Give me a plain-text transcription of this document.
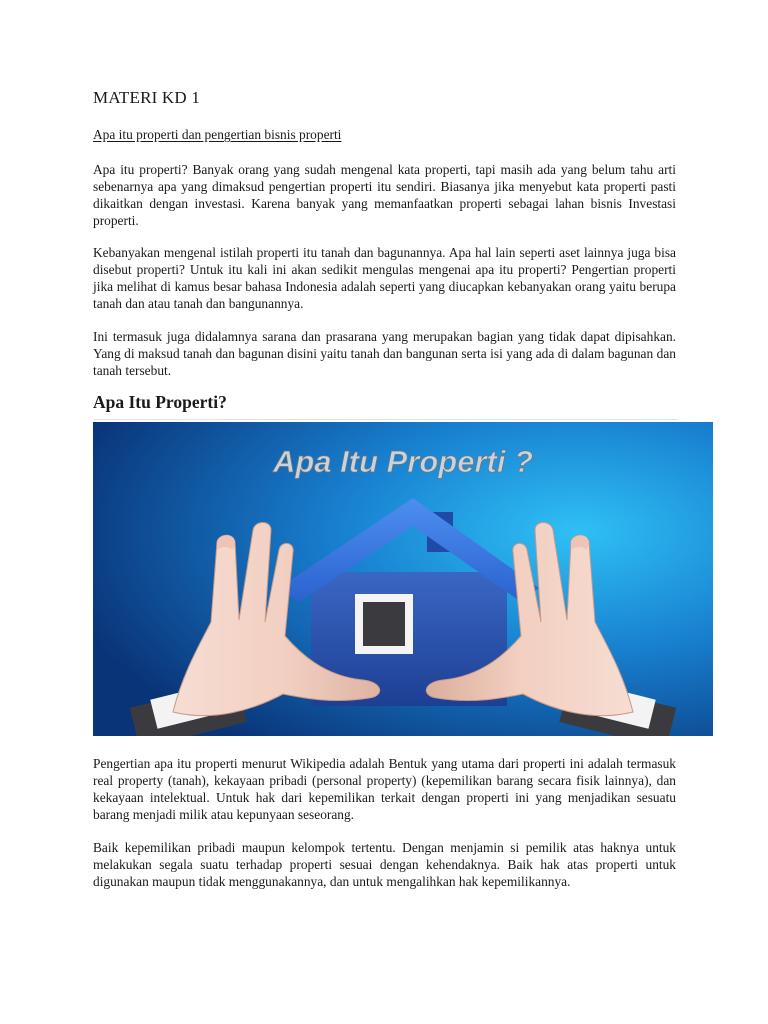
MATERI KD 1

Apa itu properti dan pengertian bisnis properti

Apa itu properti? Banyak orang yang sudah mengenal kata properti, tapi masih ada yang belum tahu arti sebenarnya apa yang dimaksud pengertian properti itu sendiri. Biasanya jika menyebut kata properti pasti dikaitkan dengan investasi. Karena banyak yang memanfaatkan properti sebagai lahan bisnis Investasi properti.

Kebanyakan mengenal istilah properti itu tanah dan bagunannya. Apa hal lain seperti aset lainnya juga bisa disebut properti? Untuk itu kali ini akan sedikit mengulas mengenai apa itu properti? Pengertian properti jika melihat di kamus besar bahasa Indonesia adalah seperti yang diucapkan kebanyakan orang yaitu berupa tanah dan atau tanah dan bangunannya.

Ini termasuk juga didalamnya sarana dan prasarana yang merupakan bagian yang tidak dapat dipisahkan. Yang di maksud tanah dan bagunan disini yaitu tanah dan bangunan serta isi yang ada di dalam bagunan dan tanah tersebut.

Apa Itu Properti?
Apa Itu Properti ?

Pengertian apa itu properti menurut Wikipedia adalah Bentuk yang utama dari properti ini adalah termasuk real property (tanah), kekayaan pribadi (personal property) (kepemilikan barang secara fisik lainnya), dan kekayaan intelektual. Untuk hak dari kepemilikan terkait dengan properti ini yang menjadikan sesuatu barang menjadi milik atau kepunyaan seseorang.

Baik kepemilikan pribadi maupun kelompok tertentu. Dengan menjamin si pemilik atas haknya untuk melakukan segala suatu terhadap properti sesuai dengan kehendaknya. Baik hak atas properti untuk digunakan maupun tidak menggunakannya, dan untuk mengalihkan hak kepemilikannya.
